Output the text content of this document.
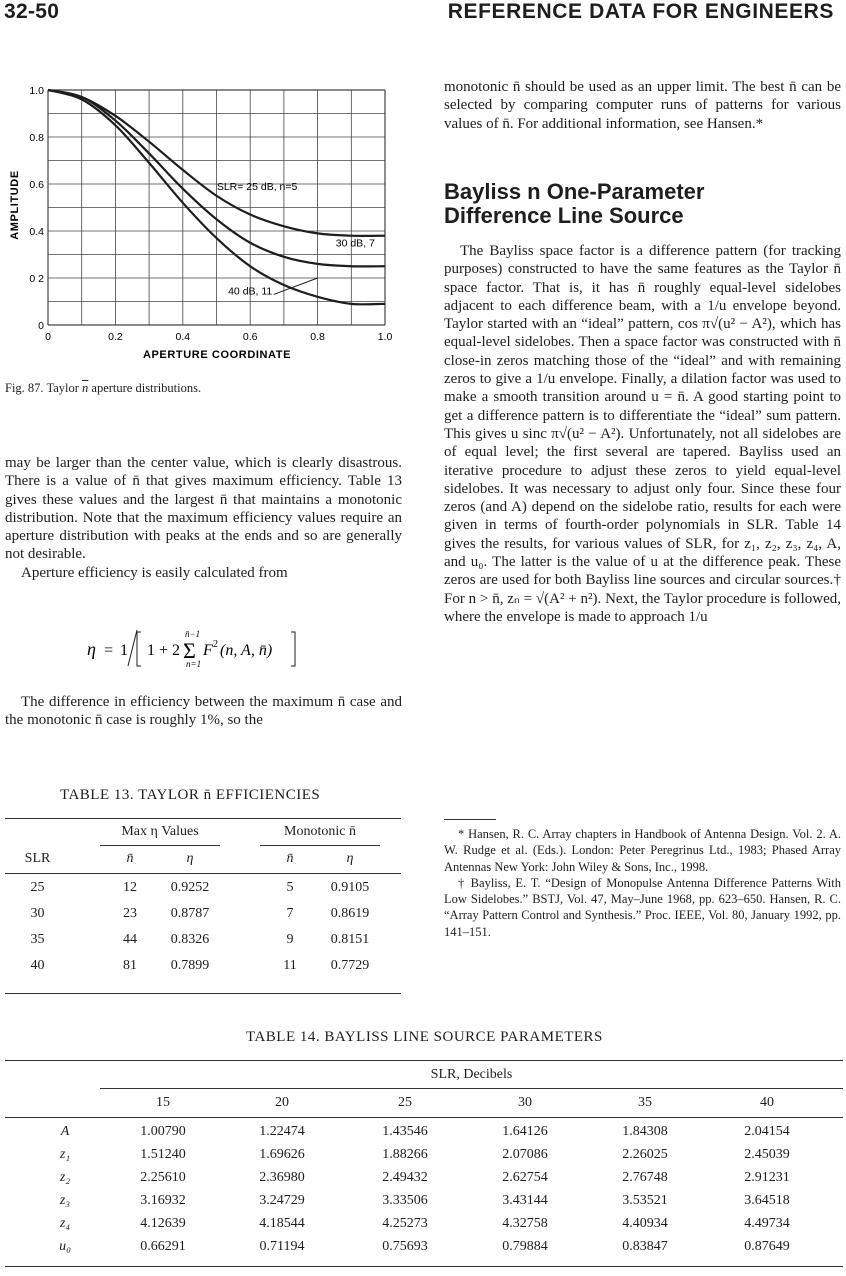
32-50	REFERENCE DATA FOR ENGINEERS
0	0.2	0.4	0.6	0.8	1.0
0
0 2
0.4
0.6
0.8
1.0
SLR= 25 dB, n=5
30 dB, 7
40 dB, 11
APERTURE COORDINATE
AMPLITUDE
Fig. 87. Taylor $\overline{n}$ aperture distributions.

may be larger than the center value, which is clearly disastrous. There is a value of n̄ that gives maximum efficiency. Table 13 gives these values and the largest n̄ that maintains a monotonic distribution. Note that the maximum efficiency values require an aperture distribution with peaks at the ends and so are generally not desirable.

Aperture efficiency is easily calculated from

η = 1 1 + 2 Σ
n̄−1
n=1
F 2 (n, A, n̄)

The difference in efficiency between the maximum n̄ case and the monotonic n̄ case is roughly 1%, so the

monotonic n̄ should be used as an upper limit. The best n̄ can be selected by comparing computer runs of patterns for various values of n̄. For additional information, see Hansen.*

Bayliss n One-Parameter
Difference Line Source

The Bayliss space factor is a difference pattern (for tracking purposes) constructed to have the same features as the Taylor n̄ space factor. That is, it has n̄ roughly equal-level sidelobes adjacent to each difference beam, with a 1/u envelope beyond. Taylor started with an “ideal” pattern, cos π√(u² − A²), which has equal-level sidelobes. Then a space factor was constructed with n̄ close-in zeros matching those of the “ideal” and with remaining zeros to give a 1/u envelope. Finally, a dilation factor was used to make a smooth transition around u = n̄. A good starting point to get a difference pattern is to differentiate the “ideal” sum pattern. This gives u sinc π√(u² − A²). Unfortunately, not all sidelobes are of equal level; the first several are tapered. Bayliss used an iterative procedure to adjust these zeros to yield equal-level sidelobes. It was necessary to adjust only four. Since these four zeros (and A) depend on the sidelobe ratio, results for each were given in terms of fourth-order polynomials in SLR. Table 14 gives the results, for various values of SLR, for z₁, z₂, z₃, z₄, A, and u₀. The latter is the value of u at the difference peak. These zeros are used for both Bayliss line sources and circular sources.† For n > n̄, zₙ = √(A² + n²). Next, the Taylor procedure is followed, where the envelope is made to approach 1/u

TABLE 13. TAYLOR n̄ EFFICIENCIES
Max η Values	Monotonic n̄
SLR	n̄	η	n̄	η
25	12	0.9252	5	0.9105
30	23	0.8787	7	0.8619
35	44	0.8326	9	0.8151
40	81	0.7899	11	0.7729

* Hansen, R. C. Array chapters in Handbook of Antenna Design. Vol. 2. A. W. Rudge et al. (Eds.). London: Peter Peregrinus Ltd., 1983; Phased Array Antennas New York: John Wiley & Sons, Inc., 1998.

† Bayliss, E. T. “Design of Monopulse Antenna Difference Patterns With Low Sidelobes.” BSTJ, Vol. 47, May–June 1968, pp. 623–650. Hansen, R. C. “Array Pattern Control and Synthesis.” Proc. IEEE, Vol. 80, January 1992, pp. 141–151.

TABLE 14. BAYLISS LINE SOURCE PARAMETERS
SLR, Decibels
15	20	25	30	35	40
A	1.00790	1.22474	1.43546	1.64126	1.84308	2.04154
z₁	1.51240	1.69626	1.88266	2.07086	2.26025	2.45039
z₂	2.25610	2.36980	2.49432	2.62754	2.76748	2.91231
z₃	3.16932	3.24729	3.33506	3.43144	3.53521	3.64518
z₄	4.12639	4.18544	4.25273	4.32758	4.40934	4.49734
u₀	0.66291	0.71194	0.75693	0.79884	0.83847	0.87649
